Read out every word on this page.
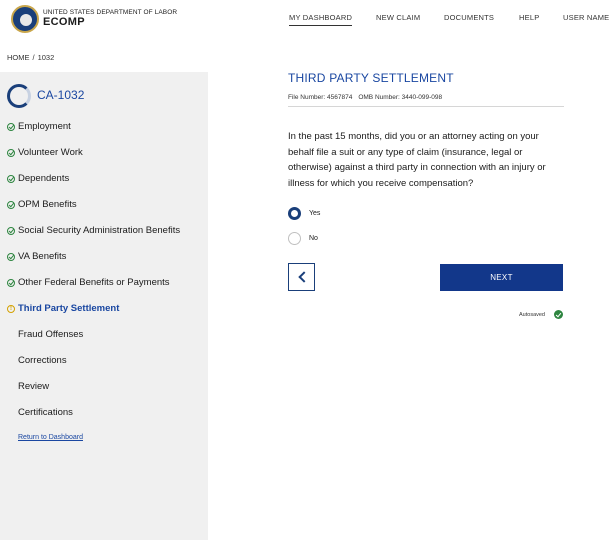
UNITED STATES DEPARTMENT OF LABOR
ECOMP	MY DASHBOARD	NEW CLAIM	DOCUMENTS	HELP	USER NAME
HOME / 1032
CA-1032
Employment
Volunteer Work
Dependents
OPM Benefits
Social Security Administration Benefits
VA Benefits
Other Federal Benefits or Payments
! Third Party Settlement
Fraud Offenses
Corrections
Review
Certifications
Return to Dashboard
THIRD PARTY SETTLEMENT
File Number: 4567874 OMB Number: 3440-099-098
In the past 15 months, did you or an attorney acting on your behalf file a suit or any type of claim (insurance, legal or otherwise) against a third party in connection with an injury or illness for which you receive compensation?
Yes
No
NEXT
Autosaved
